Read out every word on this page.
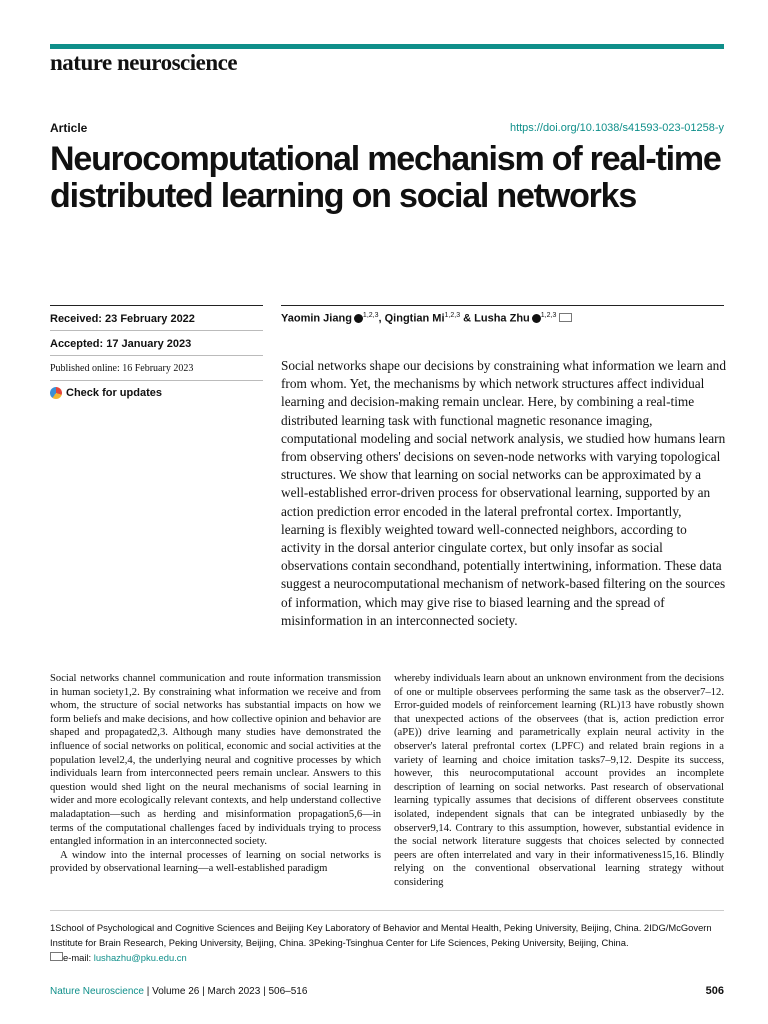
nature neuroscience
Article	https://doi.org/10.1038/s41593-023-01258-y
Neurocomputational mechanism of real-time distributed learning on social networks
Received: 23 February 2022
Accepted: 17 January 2023
Published online: 16 February 2023
Check for updates
Yaomin Jiang $^{1,2,3}$, Qingtian Mi$^{1,2,3}$ & Lusha Zhu $^{1,2,3}$

Social networks shape our decisions by constraining what information we learn and from whom. Yet, the mechanisms by which network structures affect individual learning and decision-making remain unclear. Here, by combining a real-time distributed learning task with functional magnetic resonance imaging, computational modeling and social network analysis, we studied how humans learn from observing others' decisions on seven-node networks with varying topological structures. We show that learning on social networks can be approximated by a well-established error-driven process for observational learning, supported by an action prediction error encoded in the lateral prefrontal cortex. Importantly, learning is flexibly weighted toward well-connected neighbors, according to activity in the dorsal anterior cingulate cortex, but only insofar as social observations contain secondhand, potentially intertwining, information. These data suggest a neurocomputational mechanism of network-based filtering on the sources of information, which may give rise to biased learning and the spread of misinformation in an interconnected society.

Social networks channel communication and route information transmission in human society1,2. By constraining what information we receive and from whom, the structure of social networks has substantial impacts on how we form beliefs and make decisions, and how collective opinion and behavior are shaped and propagated2,3. Although many studies have demonstrated the influence of social networks on political, economic and social activities at the population level2,4, the underlying neural and cognitive processes by which individuals learn from interconnected peers remain unclear. Answers to this question would shed light on the neural mechanisms of social learning in wider and more ecologically relevant contexts, and help understand collective maladaptation—such as herding and misinformation propagation5,6—in terms of the computational challenges faced by individuals trying to process entangled information in an interconnected society.

A window into the internal processes of learning on social networks is provided by observational learning—a well-established paradigm

whereby individuals learn about an unknown environment from the decisions of one or multiple observees performing the same task as the observer7–12. Error-guided models of reinforcement learning (RL)13 have robustly shown that unexpected actions of the observees (that is, action prediction error (aPE)) drive learning and parametrically explain neural activity in the observer's lateral prefrontal cortex (LPFC) and related brain regions in a variety of learning and choice imitation tasks7–9,12. Despite its success, however, this neurocomputational account provides an incomplete description of learning on social networks. Past research of observational learning typically assumes that decisions of different observees constitute isolated, independent signals that can be integrated unbiasedly by the observer9,14. Contrary to this assumption, however, substantial evidence in the social network literature suggests that choices selected by connected peers are often interrelated and vary in their informativeness15,16. Blindly relying on the conventional observational learning strategy without considering

1School of Psychological and Cognitive Sciences and Beijing Key Laboratory of Behavior and Mental Health, Peking University, Beijing, China. 2IDG/McGovern Institute for Brain Research, Peking University, Beijing, China. 3Peking-Tsinghua Center for Life Sciences, Peking University, Beijing, China.
e-mail: lushazhu@pku.edu.cn
Nature Neuroscience | Volume 26 | March 2023 | 506–516	506
